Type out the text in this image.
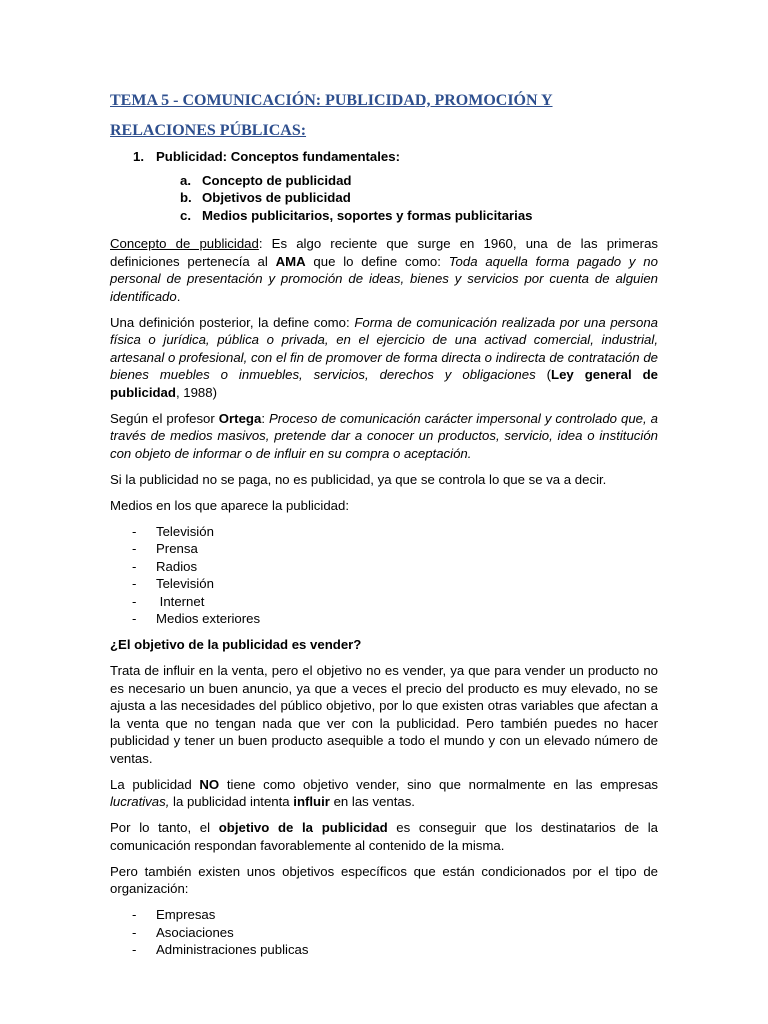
TEMA 5 - COMUNICACIÓN: PUBLICIDAD, PROMOCIÓN Y
RELACIONES PÚBLICAS:
1. Publicidad: Conceptos fundamentales:
a. Concepto de publicidad
b. Objetivos de publicidad
c. Medios publicitarios, soportes y formas publicitarias

Concepto de publicidad: Es algo reciente que surge en 1960, una de las primeras definiciones pertenecía al AMA que lo define como: Toda aquella forma pagado y no personal de presentación y promoción de ideas, bienes y servicios por cuenta de alguien identificado.

Una definición posterior, la define como: Forma de comunicación realizada por una persona física o jurídica, pública o privada, en el ejercicio de una activad comercial, industrial, artesanal o profesional, con el fin de promover de forma directa o indirecta de contratación de bienes muebles o inmuebles, servicios, derechos y obligaciones (Ley general de publicidad, 1988)

Según el profesor Ortega: Proceso de comunicación carácter impersonal y controlado que, a través de medios masivos, pretende dar a conocer un productos, servicio, idea o institución con objeto de informar o de influir en su compra o aceptación.

Si la publicidad no se paga, no es publicidad, ya que se controla lo que se va a decir.

Medios en los que aparece la publicidad:

- Televisión
- Prensa
- Radios
- Televisión
- Internet
- Medios exteriores

¿El objetivo de la publicidad es vender?

Trata de influir en la venta, pero el objetivo no es vender, ya que para vender un producto no es necesario un buen anuncio, ya que a veces el precio del producto es muy elevado, no se ajusta a las necesidades del público objetivo, por lo que existen otras variables que afectan a la venta que no tengan nada que ver con la publicidad. Pero también puedes no hacer publicidad y tener un buen producto asequible a todo el mundo y con un elevado número de ventas.

La publicidad NO tiene como objetivo vender, sino que normalmente en las empresas lucrativas, la publicidad intenta influir en las ventas.

Por lo tanto, el objetivo de la publicidad es conseguir que los destinatarios de la comunicación respondan favorablemente al contenido de la misma.

Pero también existen unos objetivos específicos que están condicionados por el tipo de organización:

- Empresas
- Asociaciones
- Administraciones publicas
